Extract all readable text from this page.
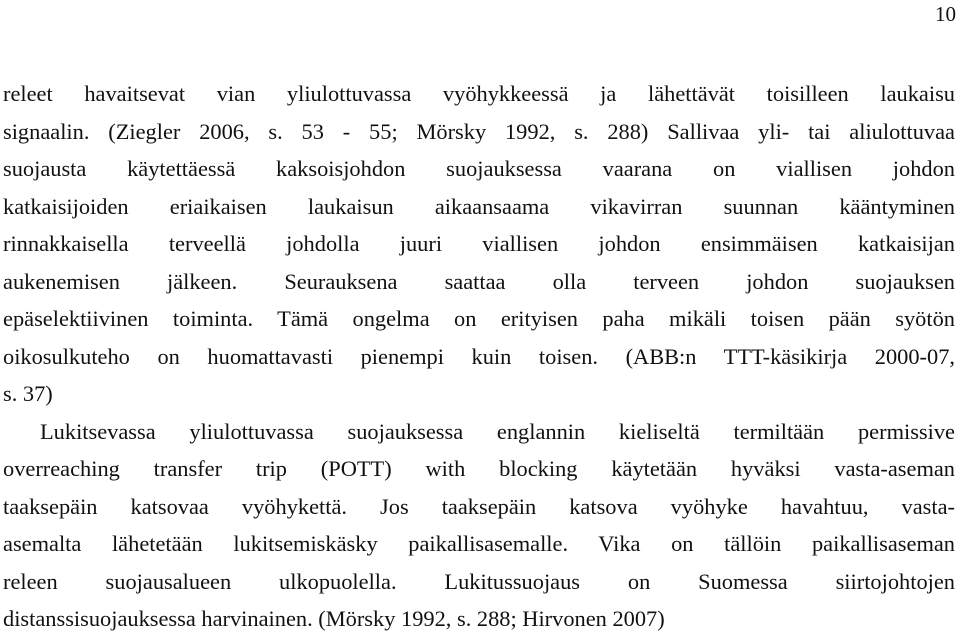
10
releet havaitsevat vian yliulottuvassa vyöhykkeessä ja lähettävät toisilleen laukaisu
signaalin. (Ziegler 2006, s. 53 - 55; Mörsky 1992, s. 288) Sallivaa yli- tai aliulottuvaa
suojausta käytettäessä kaksoisjohdon suojauksessa vaarana on viallisen johdon
katkaisijoiden eriaikaisen laukaisun aikaansaama vikavirran suunnan kääntyminen
rinnakkaisella terveellä johdolla juuri viallisen johdon ensimmäisen katkaisijan
aukenemisen jälkeen. Seurauksena saattaa olla terveen johdon suojauksen
epäselektiivinen toiminta. Tämä ongelma on erityisen paha mikäli toisen pään syötön
oikosulkuteho on huomattavasti pienempi kuin toisen. (ABB:n TTT-käsikirja 2000-07,
s. 37)
Lukitsevassa yliulottuvassa suojauksessa englannin kieliseltä termiltään permissive
overreaching transfer trip (POTT) with blocking käytetään hyväksi vasta-aseman
taaksepäin katsovaa vyöhykettä. Jos taaksepäin katsova vyöhyke havahtuu, vasta-
asemalta lähetetään lukitsemiskäsky paikallisasemalle. Vika on tällöin paikallisaseman
releen suojausalueen ulkopuolella. Lukitussuojaus on Suomessa siirtojohtojen
distanssisuojauksessa harvinainen. (Mörsky 1992, s. 288; Hirvonen 2007)
